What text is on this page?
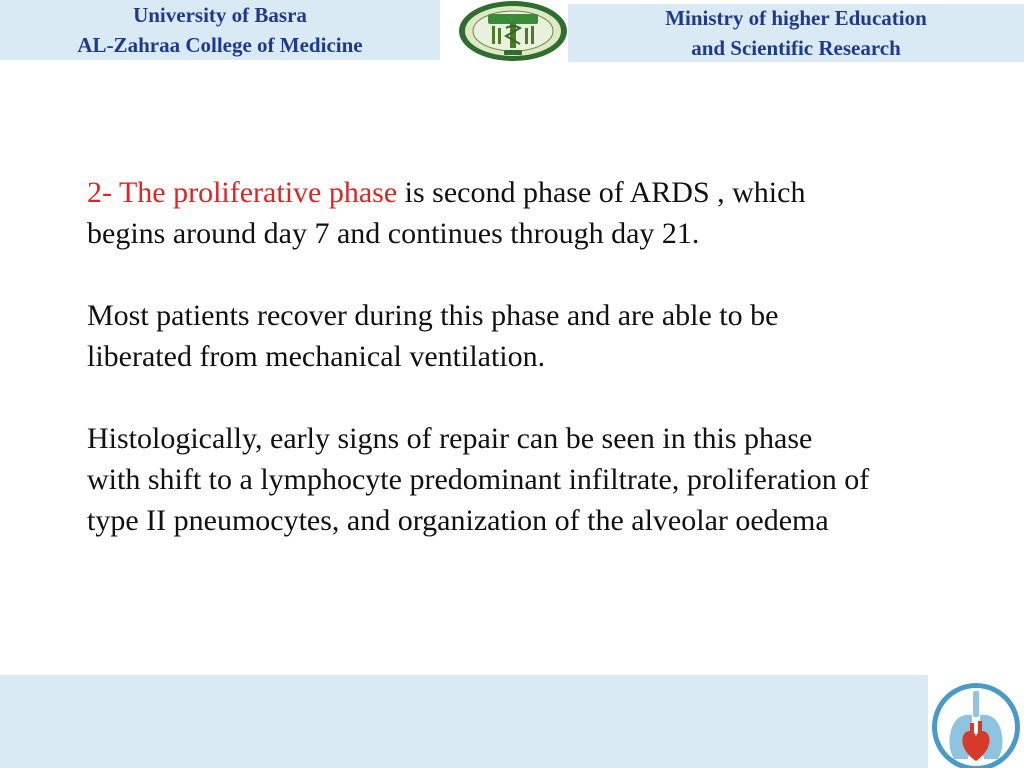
University of Basra
AL-Zahraa College of Medicine
Ministry of higher Education
and Scientific Research

2- The proliferative phase is second phase of ARDS , which
begins around day 7 and continues through day 21.

Most patients recover during this phase and are able to be
liberated from mechanical ventilation.

Histologically, early signs of repair can be seen in this phase
with shift to a lymphocyte predominant infiltrate, proliferation of
type II pneumocytes, and organization of the alveolar oedema
